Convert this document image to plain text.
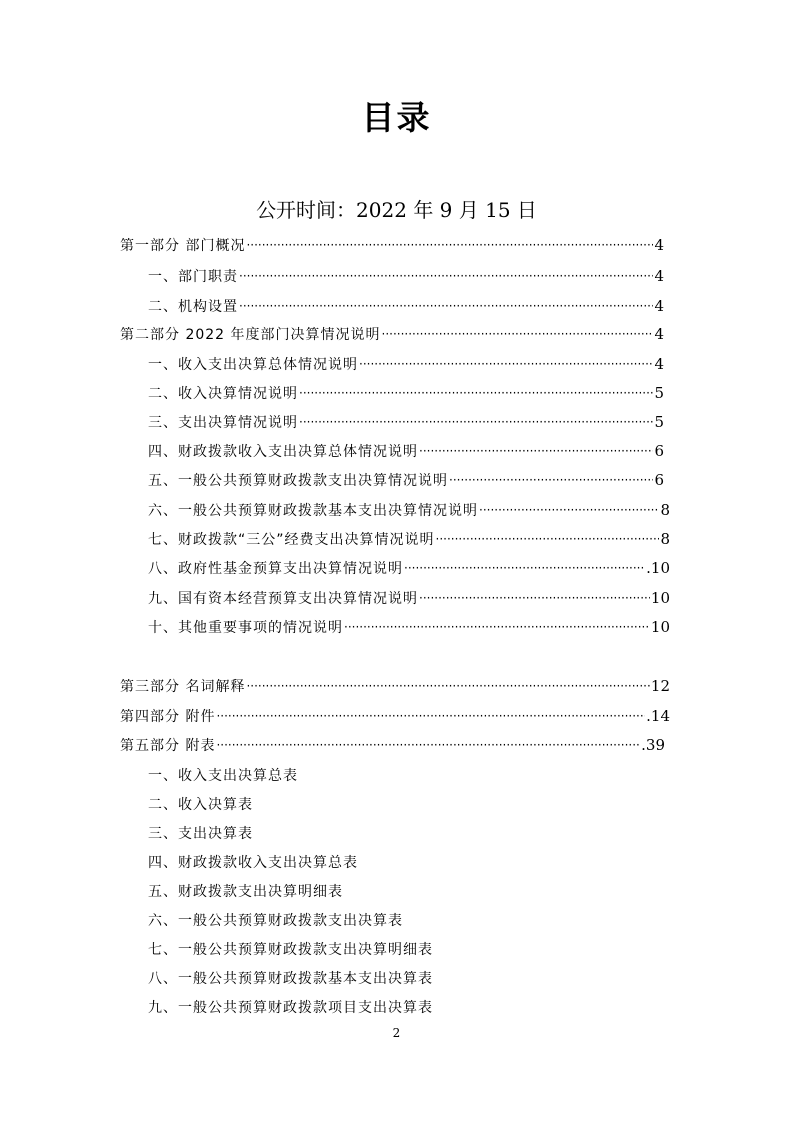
目录
公开时间：2022 年 9 月 15 日
第一部分 部门概况 ·····	4
一、部门职责 ·····	4
二、机构设置 ·····	4
第二部分 2022 年度部门决算情况说明 ·····	4
一、收入支出决算总体情况说明 ·····	4
二、收入决算情况说明 ·····	5
三、支出决算情况说明 ·····	5
四、财政拨款收入支出决算总体情况说明 ·····	6
五、一般公共预算财政拨款支出决算情况说明 ·····	6
六、一般公共预算财政拨款基本支出决算情况说明 ·····	8
七、财政拨款“三公”经费支出决算情况说明 ·····	8
八、政府性基金预算支出决算情况说明 ·····	.10
九、国有资本经营预算支出决算情况说明 ·····	10
十、其他重要事项的情况说明 ·····	10
第三部分 名词解释 ·····	12
第四部分 附件 ·····	.14
第五部分 附表 ·····	.39
一、收入支出决算总表
二、收入决算表
三、支出决算表
四、财政拨款收入支出决算总表
五、财政拨款支出决算明细表
六、一般公共预算财政拨款支出决算表
七、一般公共预算财政拨款支出决算明细表
八、一般公共预算财政拨款基本支出决算表
九、一般公共预算财政拨款项目支出决算表
2
